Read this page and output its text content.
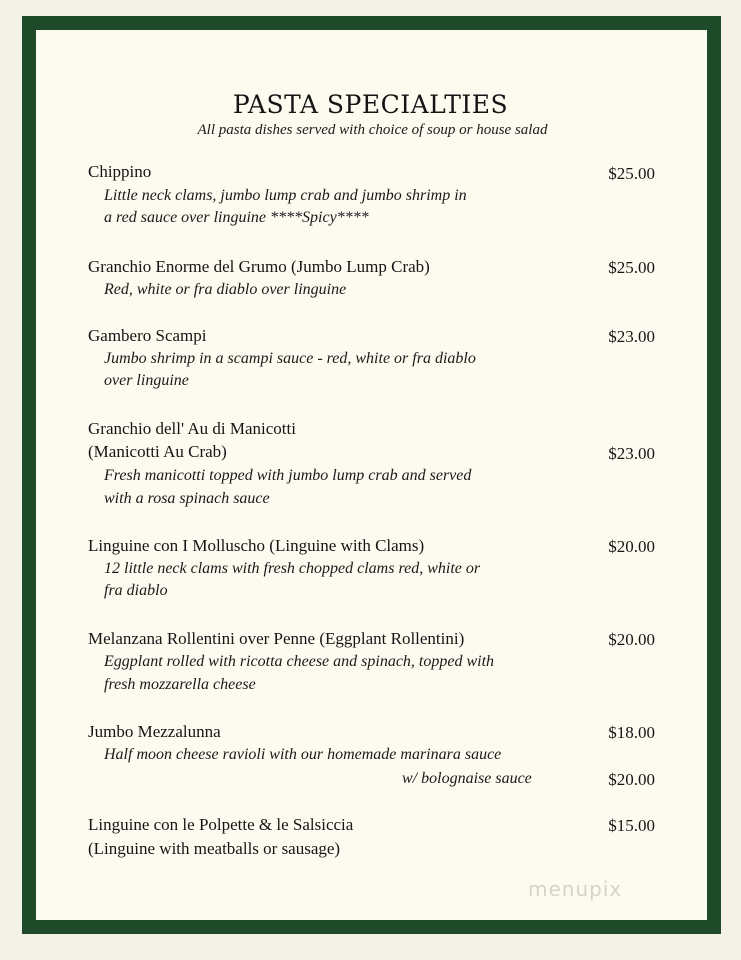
PASTA SPECIALTIES
All pasta dishes served with choice of soup or house salad
Chippino	$25.00
Little neck clams, jumbo lump crab and jumbo shrimp in
a red sauce over linguine ****Spicy****
Granchio Enorme del Grumo (Jumbo Lump Crab)	$25.00
Red, white or fra diablo over linguine
Gambero Scampi	$23.00
Jumbo shrimp in a scampi sauce - red, white or fra diablo
over linguine
Granchio dell' Au di Manicotti
(Manicotti Au Crab)	$23.00
Fresh manicotti topped with jumbo lump crab and served
with a rosa spinach sauce
Linguine con I Molluscho (Linguine with Clams)	$20.00
12 little neck clams with fresh chopped clams red, white or
fra diablo
Melanzana Rollentini over Penne (Eggplant Rollentini)	$20.00
Eggplant rolled with ricotta cheese and spinach, topped with
fresh mozzarella cheese
Jumbo Mezzalunna	$18.00
Half moon cheese ravioli with our homemade marinara sauce
w/ bolognaise sauce	$20.00
Linguine con le Polpette & le Salsiccia	$15.00
(Linguine with meatballs or sausage)
menupix
